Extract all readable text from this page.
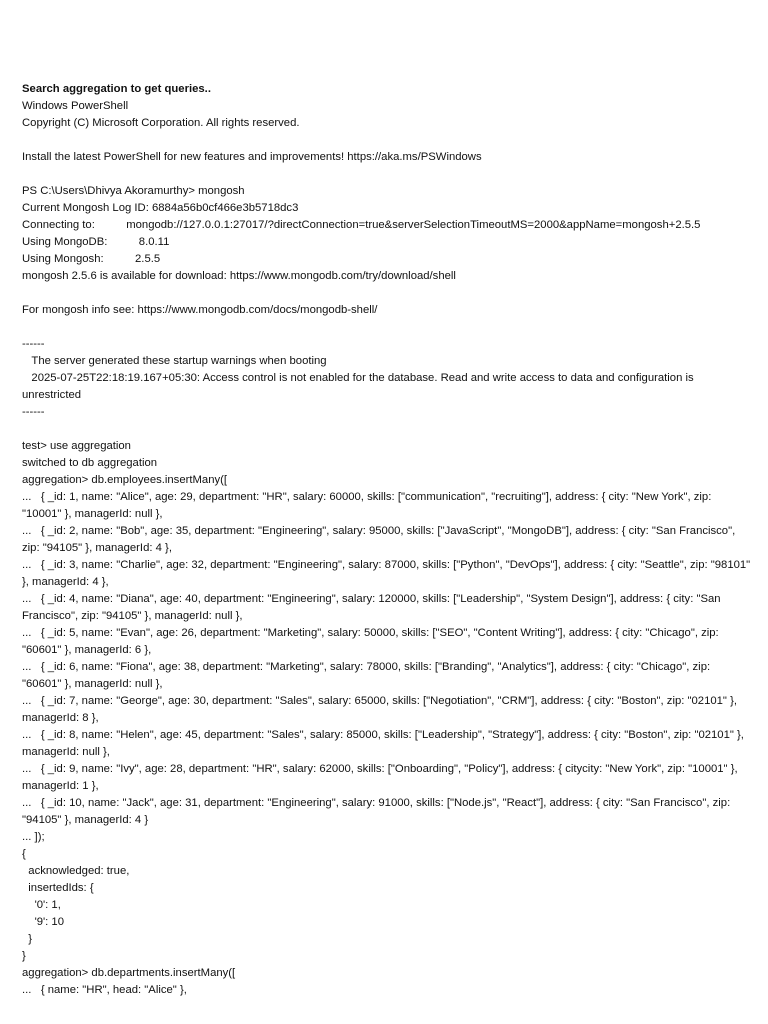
Search aggregation to get queries..
Windows PowerShell
Copyright (C) Microsoft Corporation. All rights reserved.
Install the latest PowerShell for new features and improvements! https://aka.ms/PSWindows
PS C:\Users\Dhivya Akoramurthy> mongosh
Current Mongosh Log ID: 6884a56b0cf466e3b5718dc3
Connecting to:          mongodb://127.0.0.1:27017/?directConnection=true&serverSelectionTimeoutMS=2000&appName=mongosh+2.5.5
Using MongoDB:          8.0.11
Using Mongosh:          2.5.5
mongosh 2.5.6 is available for download: https://www.mongodb.com/try/download/shell
For mongosh info see: https://www.mongodb.com/docs/mongodb-shell/
------
The server generated these startup warnings when booting
2025-07-25T22:18:19.167+05:30: Access control is not enabled for the database. Read and write access to data and configuration is unrestricted
------
test> use aggregation
switched to db aggregation
aggregation> db.employees.insertMany([
...   { _id: 1, name: "Alice", age: 29, department: "HR", salary: 60000, skills: ["communication", "recruiting"], address: { city: "New York", zip: "10001" }, managerId: null },
...   { _id: 2, name: "Bob", age: 35, department: "Engineering", salary: 95000, skills: ["JavaScript", "MongoDB"], address: { city: "San Francisco", zip: "94105" }, managerId: 4 },
...   { _id: 3, name: "Charlie", age: 32, department: "Engineering", salary: 87000, skills: ["Python", "DevOps"], address: { city: "Seattle", zip: "98101" }, managerId: 4 },
...   { _id: 4, name: "Diana", age: 40, department: "Engineering", salary: 120000, skills: ["Leadership", "System Design"], address: { city: "San Francisco", zip: "94105" }, managerId: null },
...   { _id: 5, name: "Evan", age: 26, department: "Marketing", salary: 50000, skills: ["SEO", "Content Writing"], address: { city: "Chicago", zip: "60601" }, managerId: 6 },
...   { _id: 6, name: "Fiona", age: 38, department: "Marketing", salary: 78000, skills: ["Branding", "Analytics"], address: { city: "Chicago", zip: "60601" }, managerId: null },
...   { _id: 7, name: "George", age: 30, department: "Sales", salary: 65000, skills: ["Negotiation", "CRM"], address: { city: "Boston", zip: "02101" }, managerId: 8 },
...   { _id: 8, name: "Helen", age: 45, department: "Sales", salary: 85000, skills: ["Leadership", "Strategy"], address: { city: "Boston", zip: "02101" }, managerId: null },
...   { _id: 9, name: "Ivy", age: 28, department: "HR", salary: 62000, skills: ["Onboarding", "Policy"], address: { citycity: "New York", zip: "10001" }, managerId: 1 },
...   { _id: 10, name: "Jack", age: 31, department: "Engineering", salary: 91000, skills: ["Node.js", "React"], address: { city: "San Francisco", zip: "94105" }, managerId: 4 }
... ]);
{
acknowledged: true,
insertedIds: {
'0': 1,
'9': 10
}
}
aggregation> db.departments.insertMany([
...   { name: "HR", head: "Alice" },
